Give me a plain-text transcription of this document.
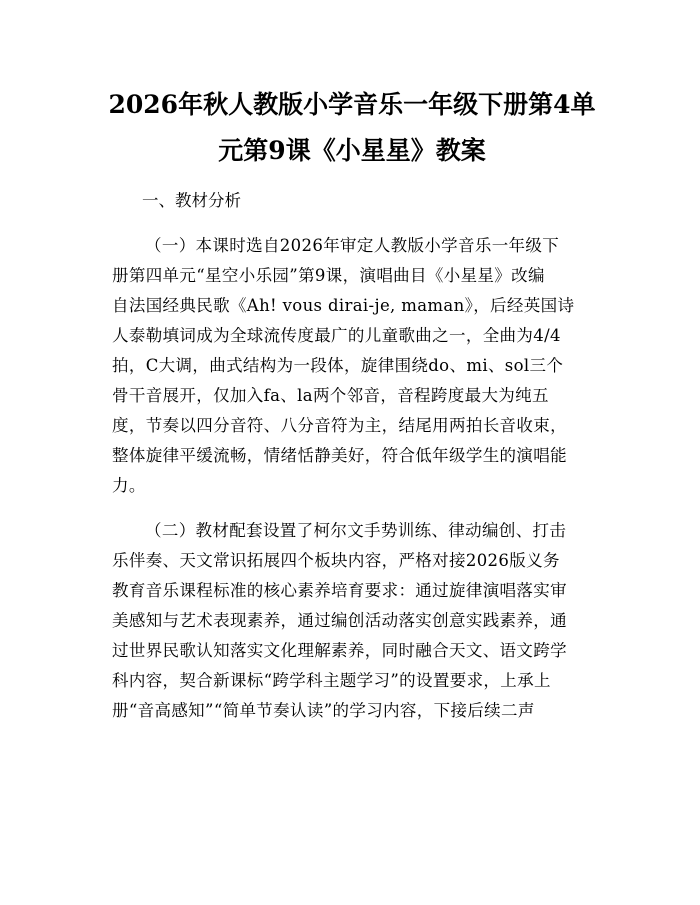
2026年秋人教版小学音乐一年级下册第4单
元第9课《小星星》教案
一、教材分析
（一）本课时选自2026年审定人教版小学音乐一年级下
册第四单元“星空小乐园”第9课，演唱曲目《小星星》改编
自法国经典民歌《Ah! vous dirai-je, maman》，后经英国诗
人泰勒填词成为全球流传度最广的儿童歌曲之一，全曲为4/4
拍，C大调，曲式结构为一段体，旋律围绕do、mi、sol三个
骨干音展开，仅加入fa、la两个邻音，音程跨度最大为纯五
度，节奏以四分音符、八分音符为主，结尾用两拍长音收束，
整体旋律平缓流畅，情绪恬静美好，符合低年级学生的演唱能
力。
（二）教材配套设置了柯尔文手势训练、律动编创、打击
乐伴奏、天文常识拓展四个板块内容，严格对接2026版义务
教育音乐课程标准的核心素养培育要求：通过旋律演唱落实审
美感知与艺术表现素养，通过编创活动落实创意实践素养，通
过世界民歌认知落实文化理解素养，同时融合天文、语文跨学
科内容，契合新课标“跨学科主题学习”的设置要求，上承上
册“音高感知”“简单节奏认读”的学习内容，下接后续二声
